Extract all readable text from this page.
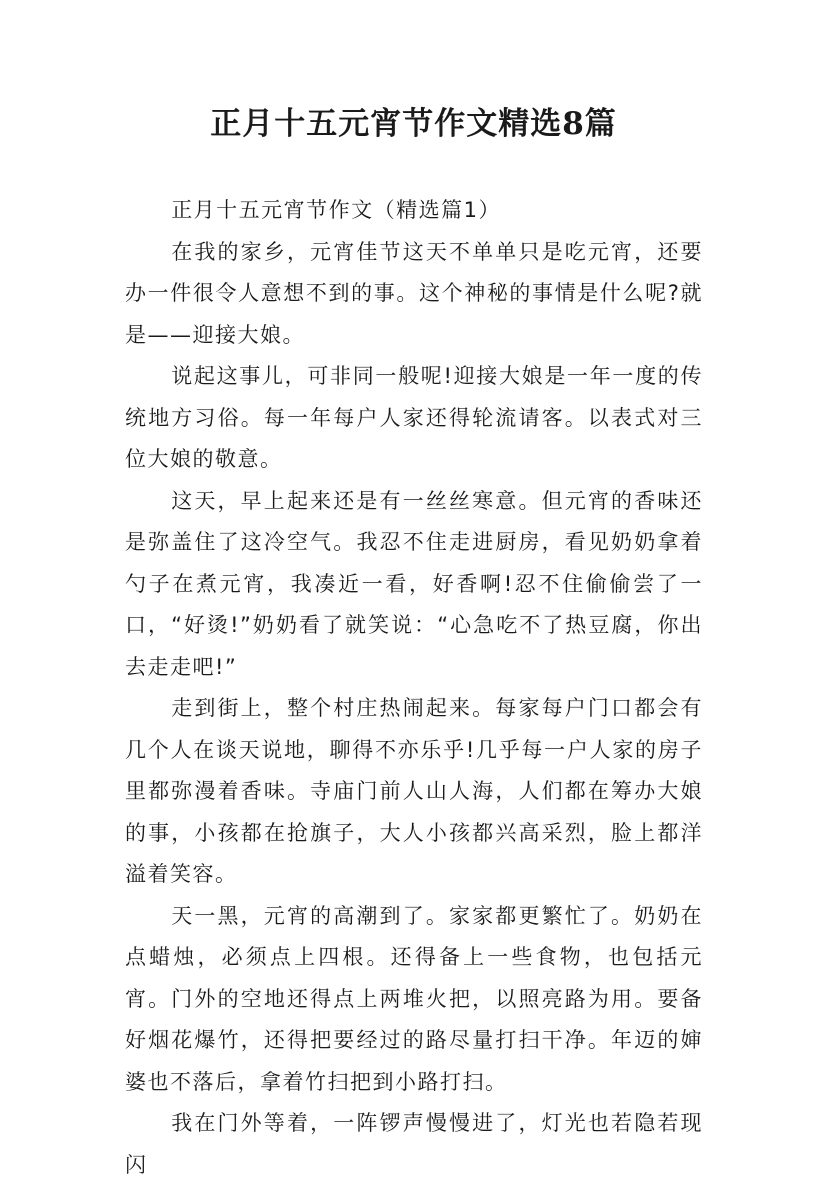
正月十五元宵节作文精选8篇

正月十五元宵节作文（精选篇1）

在我的家乡，元宵佳节这天不单单只是吃元宵，还要办一件很令人意想不到的事。这个神秘的事情是什么呢?就是——迎接大娘。

说起这事儿，可非同一般呢!迎接大娘是一年一度的传统地方习俗。每一年每户人家还得轮流请客。以表式对三位大娘的敬意。

这天，早上起来还是有一丝丝寒意。但元宵的香味还是弥盖住了这冷空气。我忍不住走进厨房，看见奶奶拿着勺子在煮元宵，我凑近一看，好香啊!忍不住偷偷尝了一口，“好烫!”奶奶看了就笑说：“心急吃不了热豆腐，你出去走走吧!”

走到街上，整个村庄热闹起来。每家每户门口都会有几个人在谈天说地，聊得不亦乐乎!几乎每一户人家的房子里都弥漫着香味。寺庙门前人山人海，人们都在筹办大娘的事，小孩都在抢旗子，大人小孩都兴高采烈，脸上都洋溢着笑容。

天一黑，元宵的高潮到了。家家都更繁忙了。奶奶在点蜡烛，必须点上四根。还得备上一些食物，也包括元宵。门外的空地还得点上两堆火把，以照亮路为用。要备好烟花爆竹，还得把要经过的路尽量打扫干净。年迈的婶婆也不落后，拿着竹扫把到小路打扫。

我在门外等着，一阵锣声慢慢进了，灯光也若隐若现闪
